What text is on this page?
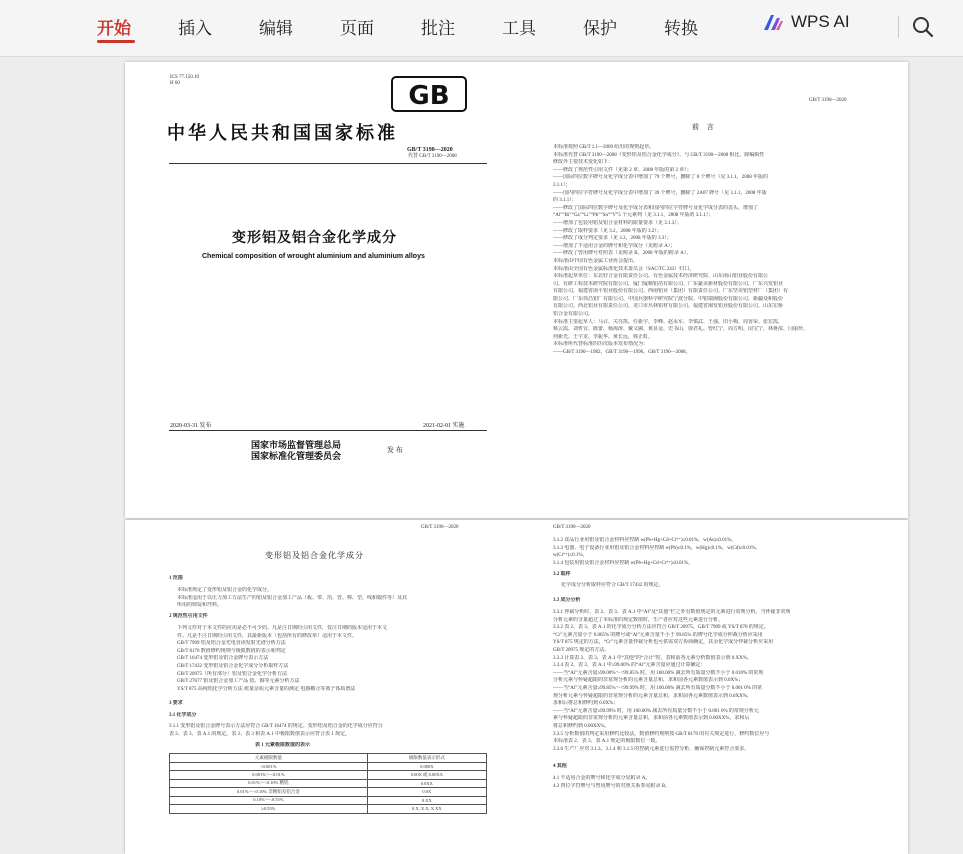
开始	插入	编辑	页面	批注	工具	保护	转换	WPS AI
ICS 77.150.10
H 60	GB
中华人民共和国国家标准
GB/T 3190—2020
代替 GB/T 3190—2008
变形铝及铝合金化学成分
Chemical composition of wrought aluminium and aluminium alloys
2020-03-31 发布	2021-02-01 实施
国家市场监督管理总局
国家标准化管理委员会
发 布
GB/T 3190—2020
前 言

本标准按照 GB/T 1.1—2009 给出的规则起草。

本标准代替 GB/T 3190—2008《变形铝及铝合金化学成分》。与 GB/T 3190—2008 相比，除编辑性

修改外主要技术变化如下：

——修改了规范性引用文件（见第 2 章，2008 年版的第 2 章）；

——国际四位数字牌号及化学成分表中增加了 79 个牌号，删除了 8 个牌号（见 3.1.1，2008 年版的

3.1.1）；

——国内四位字符牌号及化学成分表中增加了 39 个牌号，删除了 2A07 牌号（见 3.1.1，2008 年版

的 3.1.1）；

——修改了国际四位数字牌号及化学成分表和国内四位字符牌号及化学成分表的表头，增加了

“Al”“Bi”“Ga”“Li”“Pb”“Sn”“V”5 个元素列（见 3.1.1，2008 年版的 3.1.1）；

——增加了包装用铝及铝合金材料的限量要求（见 3.1.3）；

——修改了取样要求（见 3.2，2008 年版的 3.2）；

——修改了成分判定要求（见 3.3，2008 年版的 3.3）；

——增加了不适用合金的牌号和化学成分（见附录 A）；

——修改了曾用牌号对照表（见附录 B，2008 年版的附录 A）。

本标准由中国有色金属工业协会提出。

本标准由全国有色金属标准化技术委员会（SAC/TC 243）归口。

本标准起草单位：东北轻合金有限责任公司、有色金属技术经济研究院、山东南山铝业股份有限公

司、有研工程技术研究院有限公司、厦门厦顺铝箔有限公司、广东豪美新材股份有限公司、广东兴发铝业

有限公司、福建省南平铝业股份有限公司、西南铝业（集团）有限责任公司、广东坚美铝型材厂（集团）有

限公司、广东伟昌铝厂有限公司、中国兵器科学研究院宁波分院、中铝瑞闽股份有限公司、新疆众和股份

有限公司、西北铝业有限责任公司、龙口市丛林铝材有限公司、福建省闽发铝业股份有限公司、山东宏桥

铝合金有限公司。

本标准主要起草人：马召、关亮凯、任新宇、李峰、赵永军、李慎武、王强、田小梅、周香荣、张宏霞、

蔡云霞、刘忻宜、陈蕾、杨海涛、戴文圃、黄显金、史书山、徐君礼、曾红宁、周方明、闵宝宁、林蒋浓、闫丽珍、

何新光、王宇龙、李振华、黄长远、韩正虹。

本标准所代替标准的历次版本发布情况为：

——GB/T 3190—1982、GB/T 3190—1996、GB/T 3190—2008。

GB/T 3190—2020
变形铝及铝合金化学成分

1 范围

本标准规定了变形铝及铝合金的化学成分。

本标准适用于以压力加工方法生产的铝及铝合金加工产品（板、带、箔、管、棒、型、线和锻件等）及其

所用的铸锭和坯料。

2 规范性引用文件

下列文件对于本文件的应用是必不可少的。凡是注日期的引用文件，仅注日期的版本适用于本文

件。凡是不注日期的引用文件，其最新版本（包括所有的修改单）适用于本文件。

GB/T 7999 铝及铝合金光电直读发射光谱分析方法

GB/T 8170 数值修约规则与极限数值的表示和判定

GB/T 16474 变形铝及铝合金牌号表示方法

GB/T 17432 变形铝及铝合金化学成分分析取样方法

GB/T 20975（所有部分）铝及铝合金化学分析方法

GB/T 27677 铝及铝合金加工产品 铝、铜等元素分析方法

YS/T 875 高纯铝化学分析方法 痕量杂质元素含量的测定 电感耦合等离子体质谱法

3 要求

3.1 化学成分

3.1.1 变形铝及铝合金牌号表示方法应符合 GB/T 16474 的规定。变形铝及铝合金的化学成分应符合

表 2、表 3、表 A.1 的规定。表 2、表 3 和表 A.1 中极限数值表示应符合表 1 规定。

表 1 元素极限数值的表示

元素极限数值	极限数值表示形式
<0.001%	0.000X
0.001%～<0.01%	0.00X 或 0.00XX
0.01%～<0.10% 精铝	0.0XX
0.01%～<0.10% 非精铝及铝合金	0.0X
0.10%～<0.55%	0.XX
≥0.55%	0.X, X.X, X.XX
GB/T 3190—2020

3.1.2 食品行业用铝及铝合金材料应控制 w(Pb+Hg+Cd+Cr⁶⁺)≤0.01%，w(As)≤0.01%。

3.1.3 电器、电子设备行业用铝及铝合金材料应控制 w(Pb)≤0.1%，w(Hg)≤0.1%，w(Cd)≤0.01%，

w(Cr⁶⁺)≤0.1%。

3.1.4 包装用铝及铝合金材料应控制 w(Pb+Hg+Cd+Cr⁶⁺)≤0.01%。

3.2 取样

化学成分分析取样应符合 GB/T 17432 的规定。

3.3 成分分析

3.3.1 仲裁分析时，表 2、表 3、表 A.1 中“Al”及“其他”栏之外有数值规定的元素进行常规分析。当怀疑非常规

分析元素的含量超过了本标准的规定数值时，生产者应对这些元素进行分析。

3.3.2 表 2、表 3、表 A.1 的化学成分分析方法应符合 GB/T 20975、GB/T 7999 或 YS/T 870 的规定。

“Cr”元素含量小于 0.005% 的牌号或“Al”元素含量不小于 99.85% 的牌号化学成分仲裁分析应采用

YS/T 875 规定的方法，“Cr”元素含量仲裁分析也可供需双方协商确定，其余化学成分仲裁分析应采用

GB/T 20975 规定的方法。

3.3.3 计算表 2、表 3、表 A.1 中“其他”的“合计”时，表和前各元素分析数值表示到 0.XX%。

3.3.4 表 2、表 3、表 A.1 中≥99.00% 的“Al”元素含量应通过计算确定：

——当“Al”元素含量≥99.00%～<99.85% 时，用 100.00% 减去所有质量分数不小于 0.010% 的常规

分析元素与怀疑超限的非常规分析的元素含量总和，求和前各元素数值表示到 0.0X%；

——当“Al”元素含量≥99.85%～<99.99% 时，用 100.00% 减去所有质量分数不小于 0.001 0% 的常

规分析元素与怀疑超限的非常规分析的元素含量总和，求和前各元素数值表示到 0.0XX%，

求和后将总和修约到 0.0X%；

——当“Al”元素含量≥99.99% 时，用 100.00% 减去所有质量分数不小于 0.001 0% 的常规分析元

素与怀疑超限的非常规分析的元素含量总和，求和前各元素数值表示到 0.00XX%，求和后

将总和修约到 0.00XX%。

3.3.5 分析数值的判定采用修约比较法，数值修约规则按 GB/T 8170 的有关规定进行，修约数位应与

本标准表 2、表 3、表 A.1 规定的极限数位一致。

3.3.6 生产厂应对 3.1.3、3.1.4 和 3.1.5 的控制元素进行监控分析，确保控制元素符合要求。

4 其他

4.1 不适用合金的牌号和化学成分见附录 A。

4.2 四位字符牌号与曾用牌号的对照关系参见附录 B。
